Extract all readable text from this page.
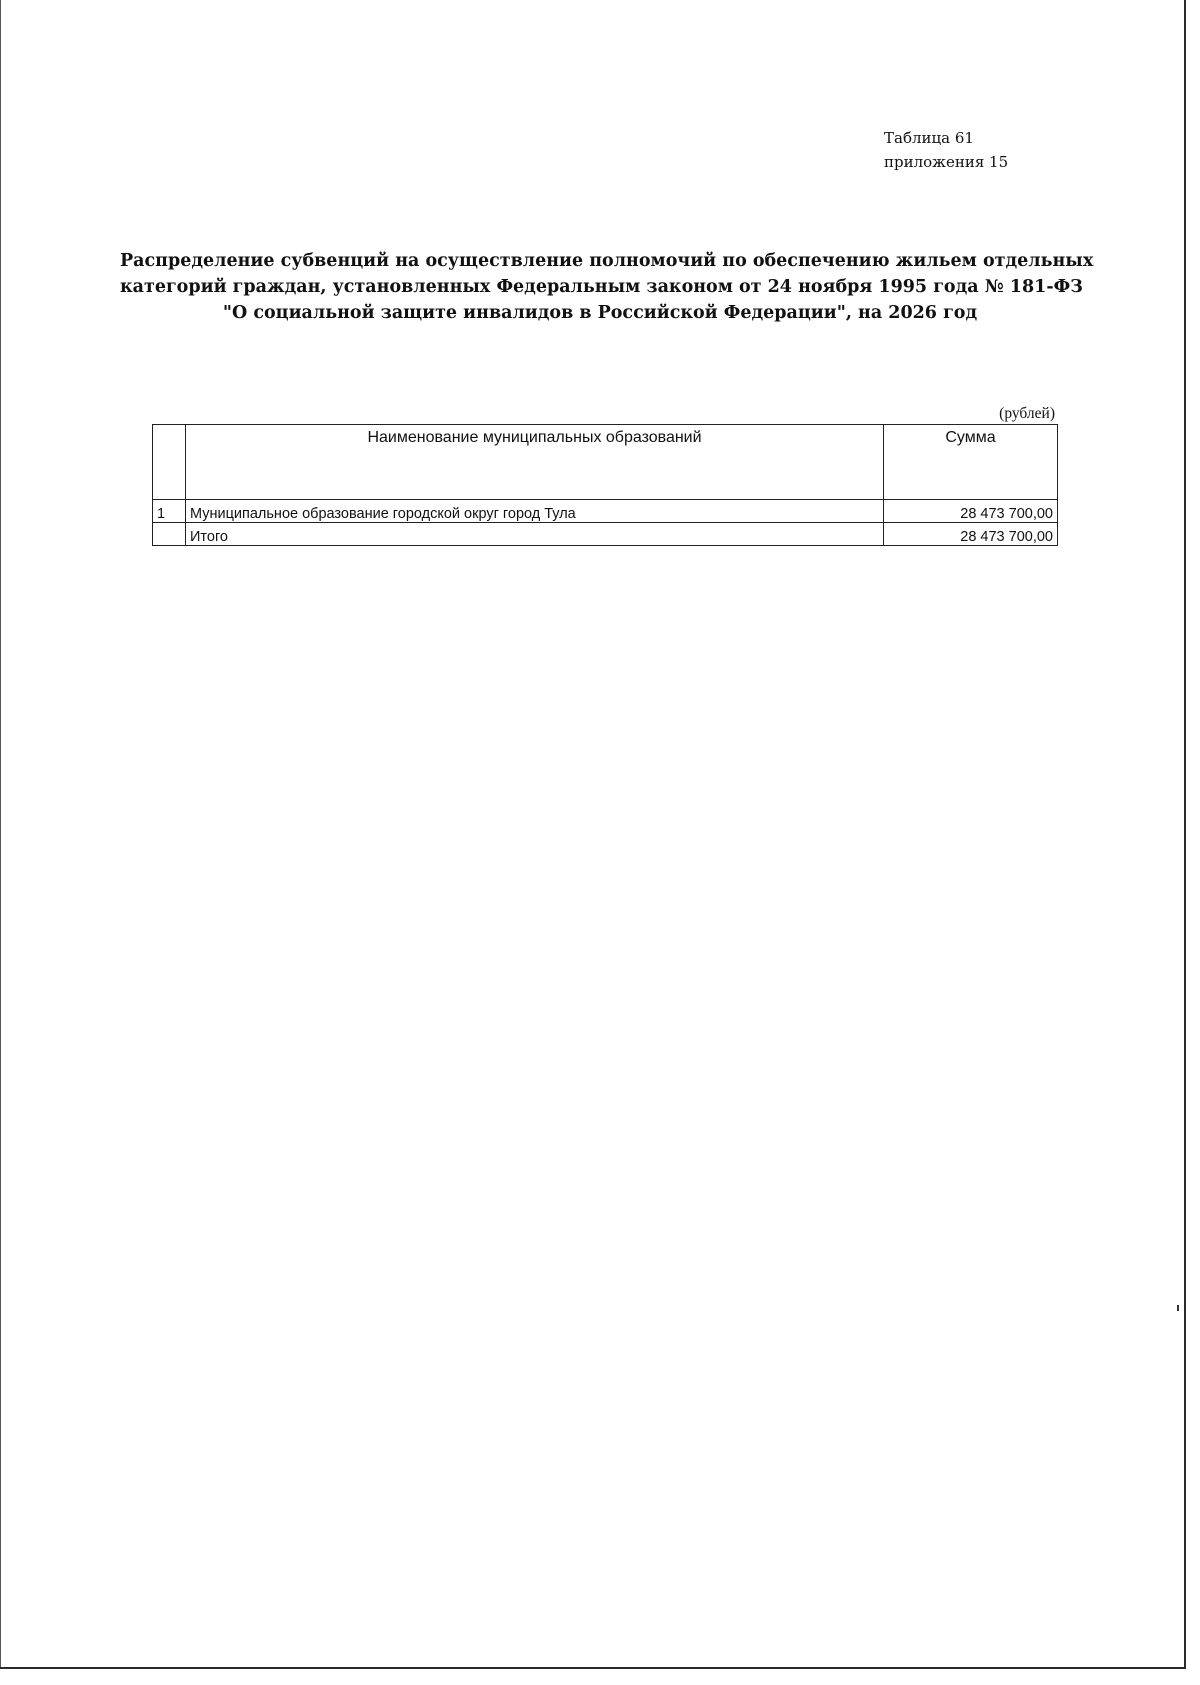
Таблица 61
приложения 15
Распределение субвенций на осуществление полномочий по обеспечению жильем отдельных
категорий граждан, установленных Федеральным законом от 24 ноября 1995 года № 181-ФЗ
"О социальной защите инвалидов в Российской Федерации", на 2026 год
(рублей)
	Наименование муниципальных образований	Сумма
1	Муниципальное образование городской округ город Тула	28 473 700,00
	Итого	28 473 700,00
